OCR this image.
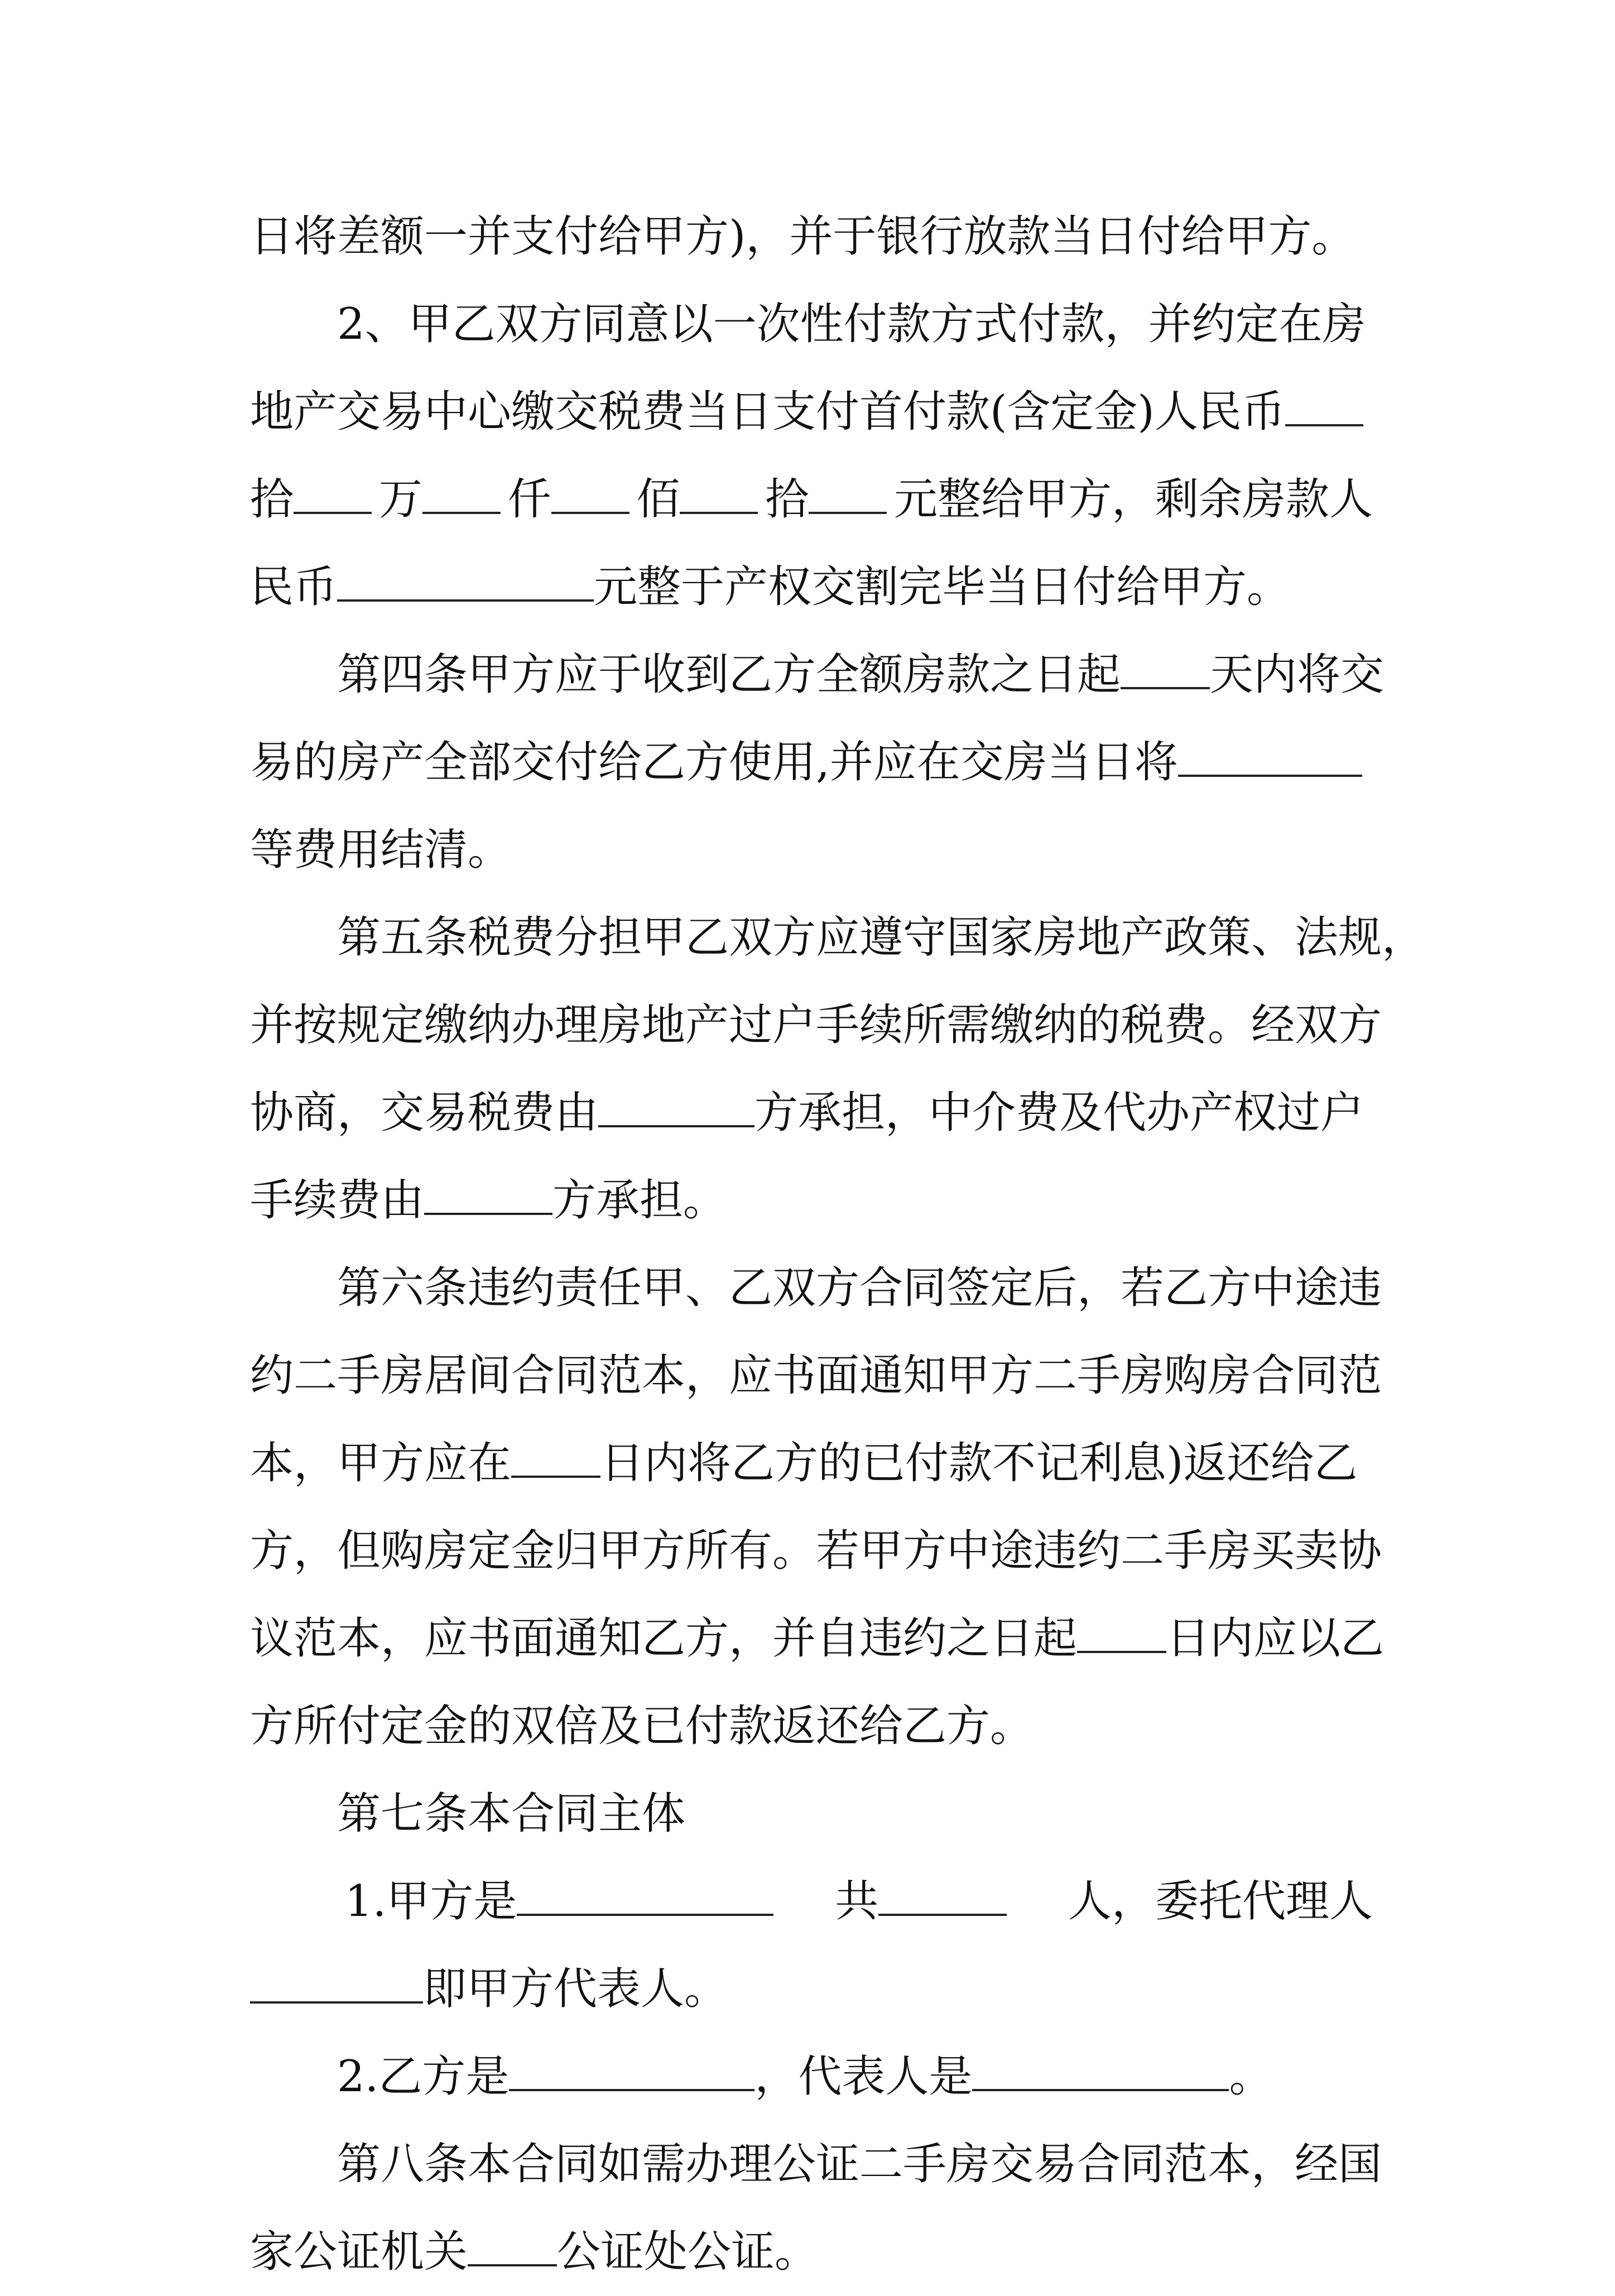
日将差额一并支付给甲方)，并于银行放款当日付给甲方。
2、甲乙双方同意以一次性付款方式付款，并约定在房
地产交易中心缴交税费当日支付首付款(含定金)人民币
拾	万	仟	佰	拾	元整给甲方，剩余房款人
民币	元整于产权交割完毕当日付给甲方。
第四条甲方应于收到乙方全额房款之日起 天内将交
易的房产全部交付给乙方使用,并应在交房当日将
等费用结清。
第五条税费分担甲乙双方应遵守国家房地产政策、法规，
并按规定缴纳办理房地产过户手续所需缴纳的税费。经双方
协商，交易税费由	方承担，中介费及代办产权过户
手续费由	方承担。
第六条违约责任甲、乙双方合同签定后，若乙方中途违
约二手房居间合同范本，应书面通知甲方二手房购房合同范
本，甲方应在 日内将乙方的已付款不记利息)返还给乙
方，但购房定金归甲方所有。若甲方中途违约二手房买卖协
议范本，应书面通知乙方，并自违约之日起 日内应以乙
方所付定金的双倍及已付款返还给乙方。
第七条本合同主体
1.甲方是	共	人，委托代理人
即甲方代表人。
2.乙方是	，代表人是	。
第八条本合同如需办理公证二手房交易合同范本，经国
家公证机关 公证处公证。
